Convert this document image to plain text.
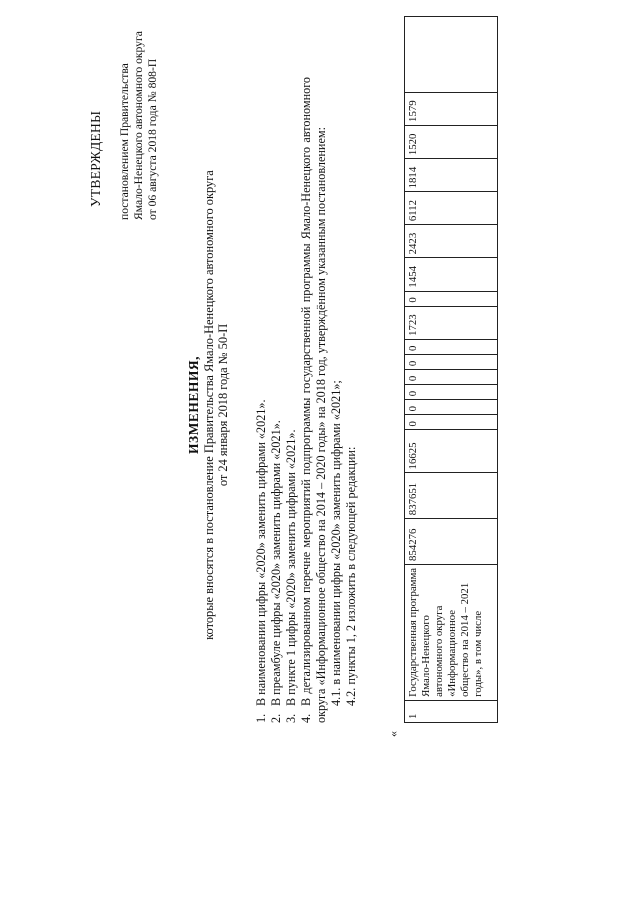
УТВЕРЖДЕНЫ постановлением Правительства Ямало-Ненецкого автономного округа от 06 августа 2018 года № 808-П
ИЗМЕНЕНИЯ, которые вносятся в постановление Правительства Ямало-Ненецкого автономного округа от 24 января 2018 года № 50-П
1.В наименовании цифры «2020» заменить цифрами «2021».
2.В преамбуле цифры «2020» заменить цифрами «2021».
3.В пункте 1 цифры «2020» заменить цифрами «2021».
4.В детализированном перечне мероприятий подпрограммы государственной программы Ямало-Ненецкого автономного округа «Информационное общество на 2014 – 2020 годы» на 2018 год, утверждённом указанным постановлением: 4.1. в наименовании цифры «2020» заменить цифрами «2021»; 4.2. пункты 1, 2 изложить в следующей редакции:
«
1	Государственная программа Ямало-Ненецкого автономного округа «Информационное общество на 2014 – 2021 годы», в том числе	854276	837651	16625	0	0	0	0	0	0	1723	0	1454	2423	6112	1814	1520	1579	
